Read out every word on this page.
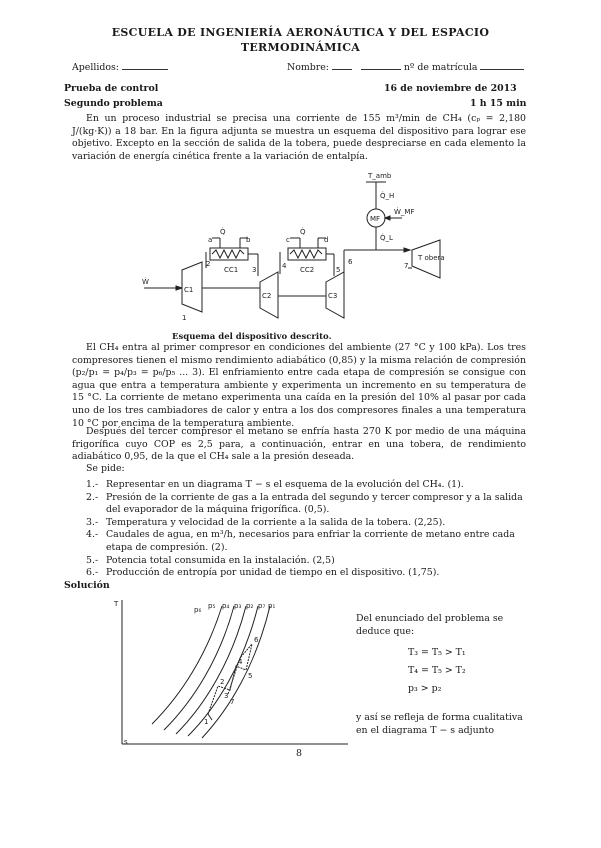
ESCUELA DE INGENIERÍA AERONÁUTICA Y DEL ESPACIO
TERMODINÁMICA
Apellidos:	Nombre:	nº de matrícula
Prueba de control	16 de noviembre de 2013
Segundo problema	1 h 15 min
En un proceso industrial se precisa una corriente de 155 m³/min de CH₄ (cₚ = 2,180 J/(kg·K)) a 18 bar. En la figura adjunta se muestra un esquema del dispositivo para lograr ese objetivo. Excepto en la sección de salida de la tobera, puede despreciarse en cada elemento la variación de energía cinética frente a la variación de entalpía.
Ẇ
C1
C2	C3
CC1	CC2
MF
Ẇ_MF
T_amb
T obera
Q̇_H
Q̇_L
Q̇	Q̇
2
3	4	5
6	7
1
a	b	c	d
Esquema del dispositivo descrito.
El CH₄ entra al primer compresor en condiciones del ambiente (27 °C y 100 kPa). Los tres compresores tienen el mismo rendimiento adiabático (0,85) y la misma relación de compresión (p₂/p₁ = p₄/p₃ = p₆/p₅ ... 3). El enfriamiento entre cada etapa de compresión se consigue con agua que entra a temperatura ambiente y experimenta un incremento en su temperatura de 15 °C. La corriente de metano experimenta una caída en la presión del 10% al pasar por cada uno de los tres cambiadores de calor y entra a los dos compresores finales a una temperatura 10 °C por encima de la temperatura ambiente.
Después del tercer compresor el metano se enfría hasta 270 K por medio de una máquina frigorífica cuyo COP es 2,5 para, a continuación, entrar en una tobera, de rendimiento adiabático 0,95, de la que el CH₄ sale a la presión deseada.
Se pide:
1.- Representar en un diagrama T − s el esquema de la evolución del CH₄. (1).
2.- Presión de la corriente de gas a la entrada del segundo y tercer compresor y a la salida del evaporador de la máquina frigorífica. (0,5).
3.- Temperatura y velocidad de la corriente a la salida de la tobera. (2,25).
4.- Caudales de agua, en m³/h, necesarios para enfriar la corriente de metano entre cada etapa de compresión. (2).
5.- Potencia total consumida en la instalación. (2,5)
6.- Producción de entropía por unidad de tiempo en el dispositivo. (1,75).
Solución
T
s
p₆ p₅ p₄ p₃ p₂ p₇ p₁
1
2
3
4
5
6
7
Del enunciado del problema se deduce que:
T₃ = T₅ > T₁
T₄ = T₅ > T₂
p₃ > p₂
y así se refleja de forma cualitativa en el diagrama T − s adjunto
8
